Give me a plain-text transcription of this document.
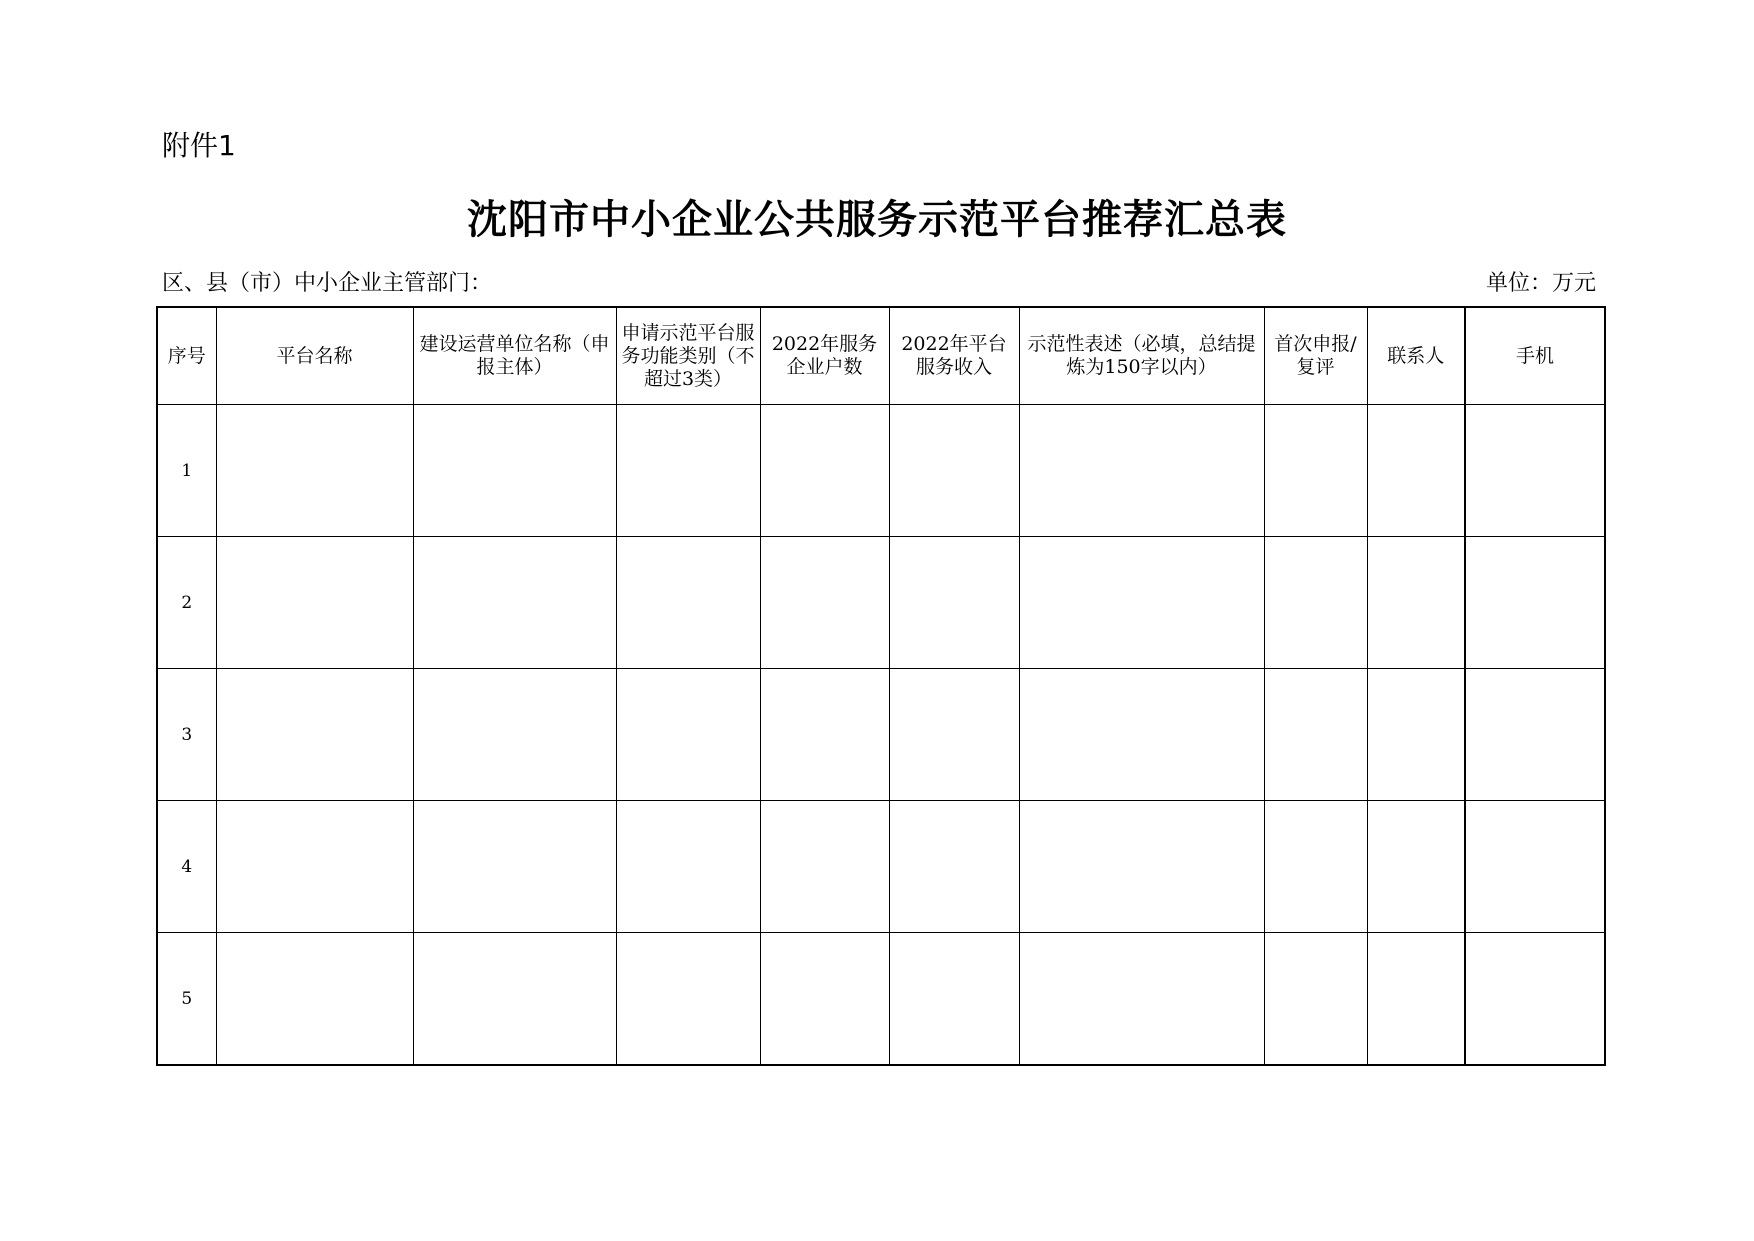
附件1
沈阳市中小企业公共服务示范平台推荐汇总表
区、县（市）中小企业主管部门：	单位：万元
序号	平台名称	建设运营单位名称（申报主体）	申请示范平台服务功能类别（不超过3类）	2022年服务企业户数	2022年平台服务收入	示范性表述（必填，总结提炼为150字以内）	首次申报/复评	联系人	手机
1									
2									
3									
4									
5									
